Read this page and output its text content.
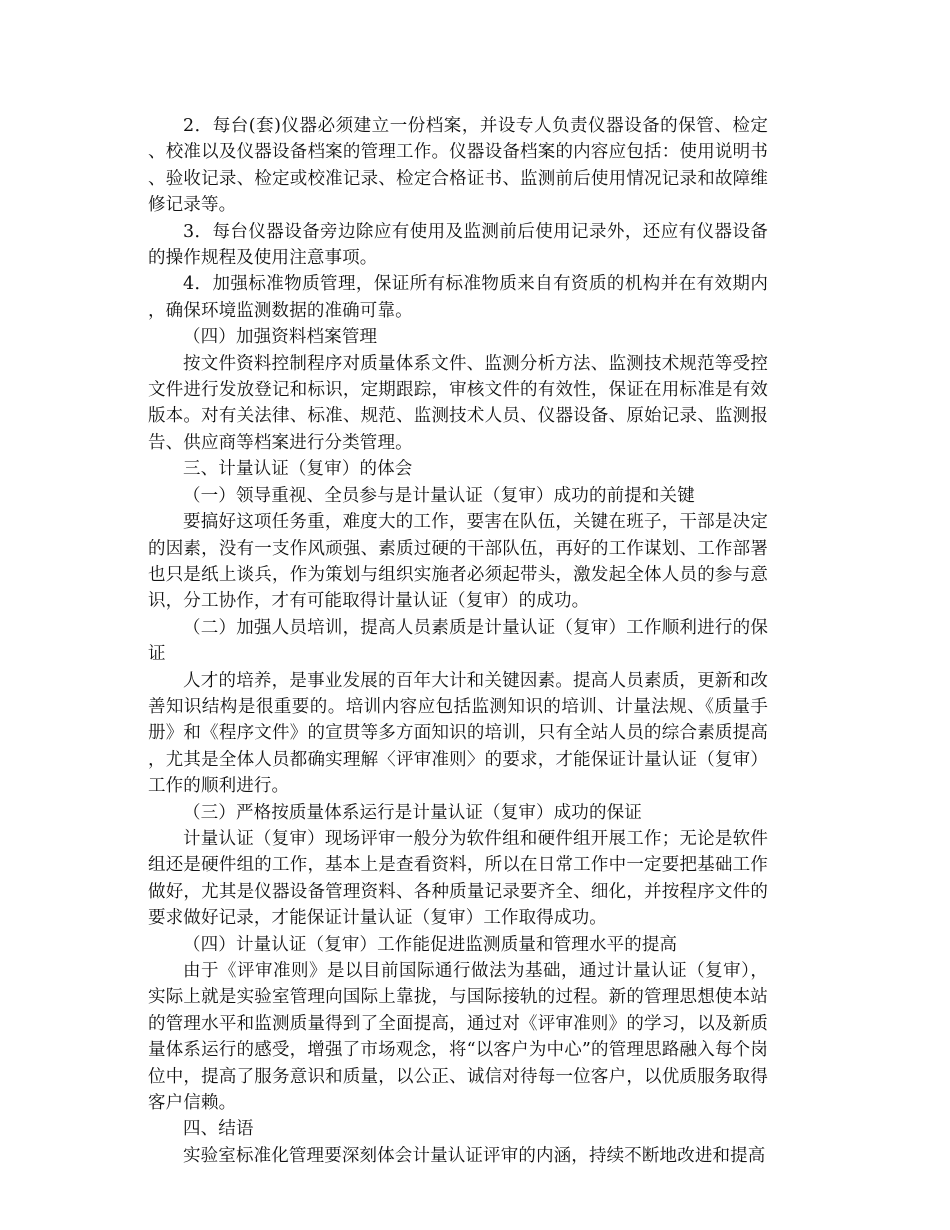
2．每台(套)仪器必须建立一份档案，并设专人负责仪器设备的保管、检定、校准以及仪器设备档案的管理工作。仪器设备档案的内容应包括：使用说明书、验收记录、检定或校准记录、检定合格证书、监测前后使用情况记录和故障维修记录等。

3．每台仪器设备旁边除应有使用及监测前后使用记录外，还应有仪器设备的操作规程及使用注意事项。

4．加强标准物质管理，保证所有标准物质来自有资质的机构并在有效期内，确保环境监测数据的准确可靠。

（四）加强资料档案管理

按文件资料控制程序对质量体系文件、监测分析方法、监测技术规范等受控文件进行发放登记和标识，定期跟踪，审核文件的有效性，保证在用标准是有效版本。对有关法律、标准、规范、监测技术人员、仪器设备、原始记录、监测报告、供应商等档案进行分类管理。

三、计量认证（复审）的体会

（一）领导重视、全员参与是计量认证（复审）成功的前提和关键

要搞好这项任务重，难度大的工作，要害在队伍，关键在班子，干部是决定的因素，没有一支作风顽强、素质过硬的干部队伍，再好的工作谋划、工作部署也只是纸上谈兵，作为策划与组织实施者必须起带头，激发起全体人员的参与意识，分工协作，才有可能取得计量认证（复审）的成功。

（二）加强人员培训，提高人员素质是计量认证（复审）工作顺利进行的保证

人才的培养，是事业发展的百年大计和关键因素。提高人员素质，更新和改善知识结构是很重要的。培训内容应包括监测知识的培训、计量法规、《质量手册》和《程序文件》的宣贯等多方面知识的培训，只有全站人员的综合素质提高，尤其是全体人员都确实理解〈评审准则〉的要求，才能保证计量认证（复审）工作的顺利进行。

（三）严格按质量体系运行是计量认证（复审）成功的保证

计量认证（复审）现场评审一般分为软件组和硬件组开展工作；无论是软件组还是硬件组的工作，基本上是查看资料，所以在日常工作中一定要把基础工作做好，尤其是仪器设备管理资料、各种质量记录要齐全、细化，并按程序文件的要求做好记录，才能保证计量认证（复审）工作取得成功。

（四）计量认证（复审）工作能促进监测质量和管理水平的提高

由于《评审准则》是以目前国际通行做法为基础，通过计量认证（复审），实际上就是实验室管理向国际上靠拢，与国际接轨的过程。新的管理思想使本站的管理水平和监测质量得到了全面提高，通过对《评审准则》的学习，以及新质量体系运行的感受，增强了市场观念，将“以客户为中心”的管理思路融入每个岗位中，提高了服务意识和质量，以公正、诚信对待每一位客户，以优质服务取得客户信赖。

四、结语

实验室标准化管理要深刻体会计量认证评审的内涵，持续不断地改进和提高
